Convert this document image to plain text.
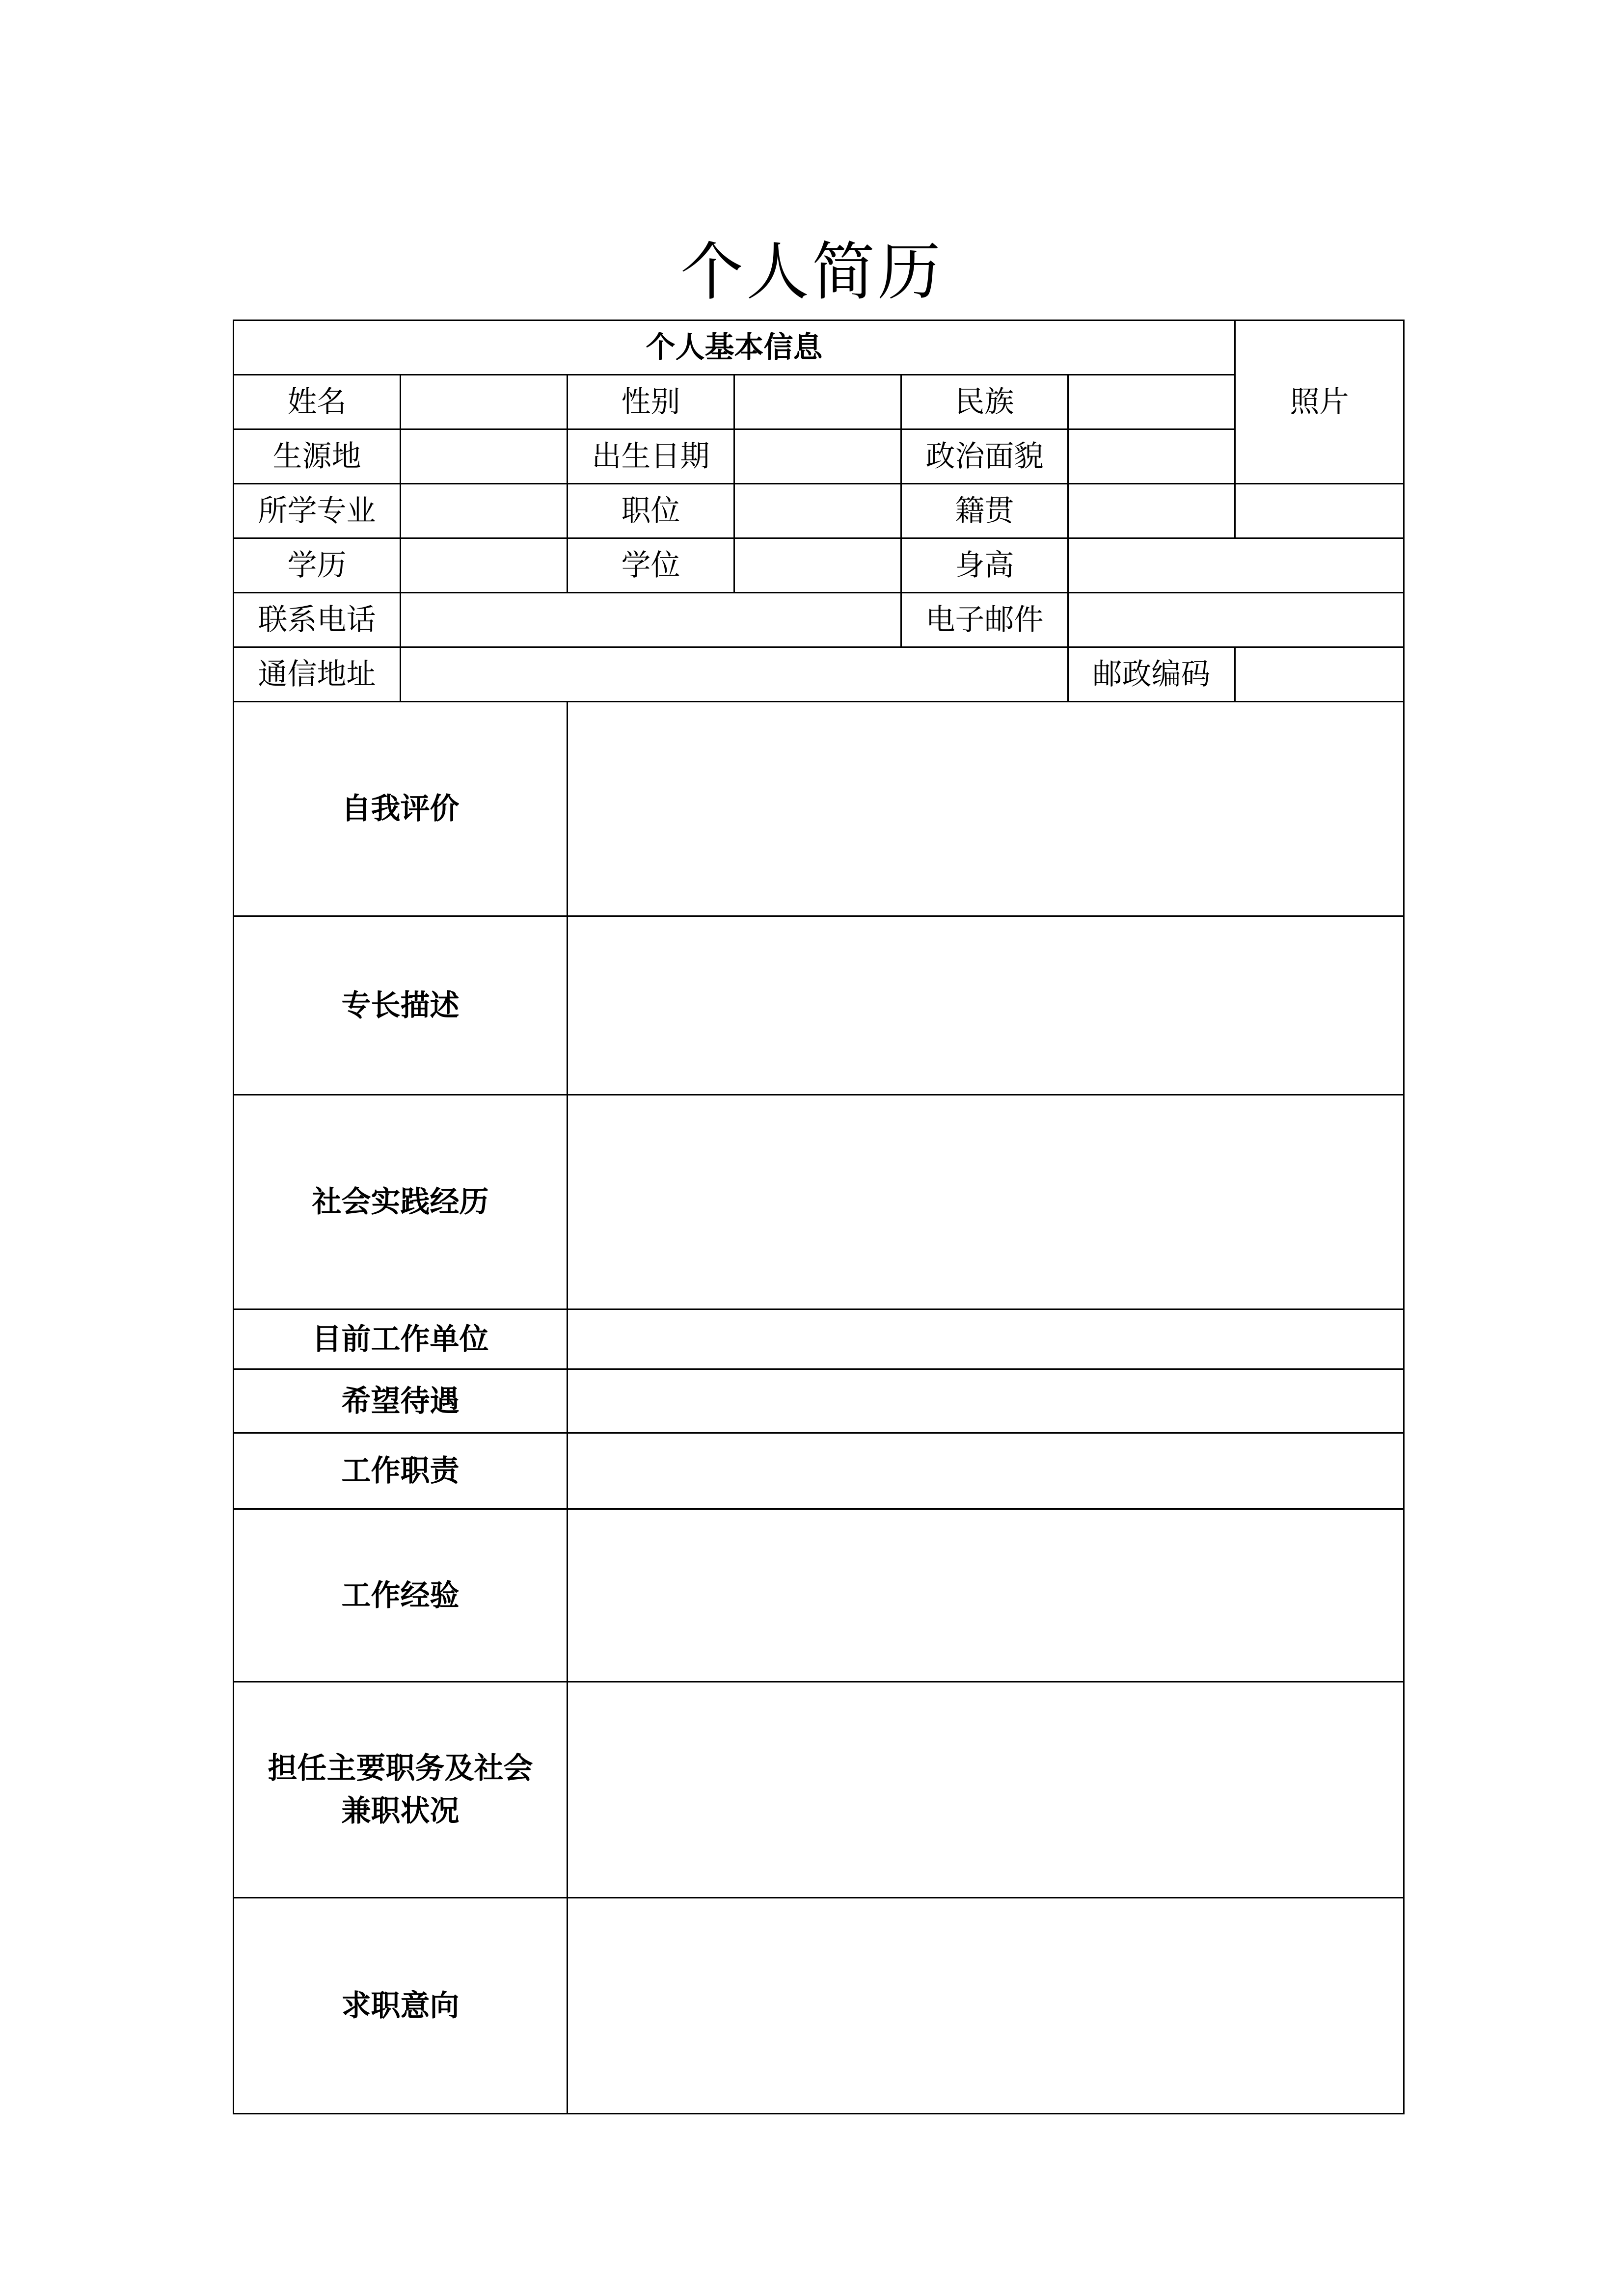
个人简历
个人基本信息						照片
姓名		性别		民族		
生源地		出生日期		政治面貌		
所学专业		职位		籍贯		
学历		学位		身高		
联系电话				电子邮件		
通信地址					邮政编码	
自我评价						
专长描述						
社会实践经历						
目前工作单位						
希望待遇						
工作职责						
工作经验						
担任主要职务及社会兼职状况						
求职意向						
